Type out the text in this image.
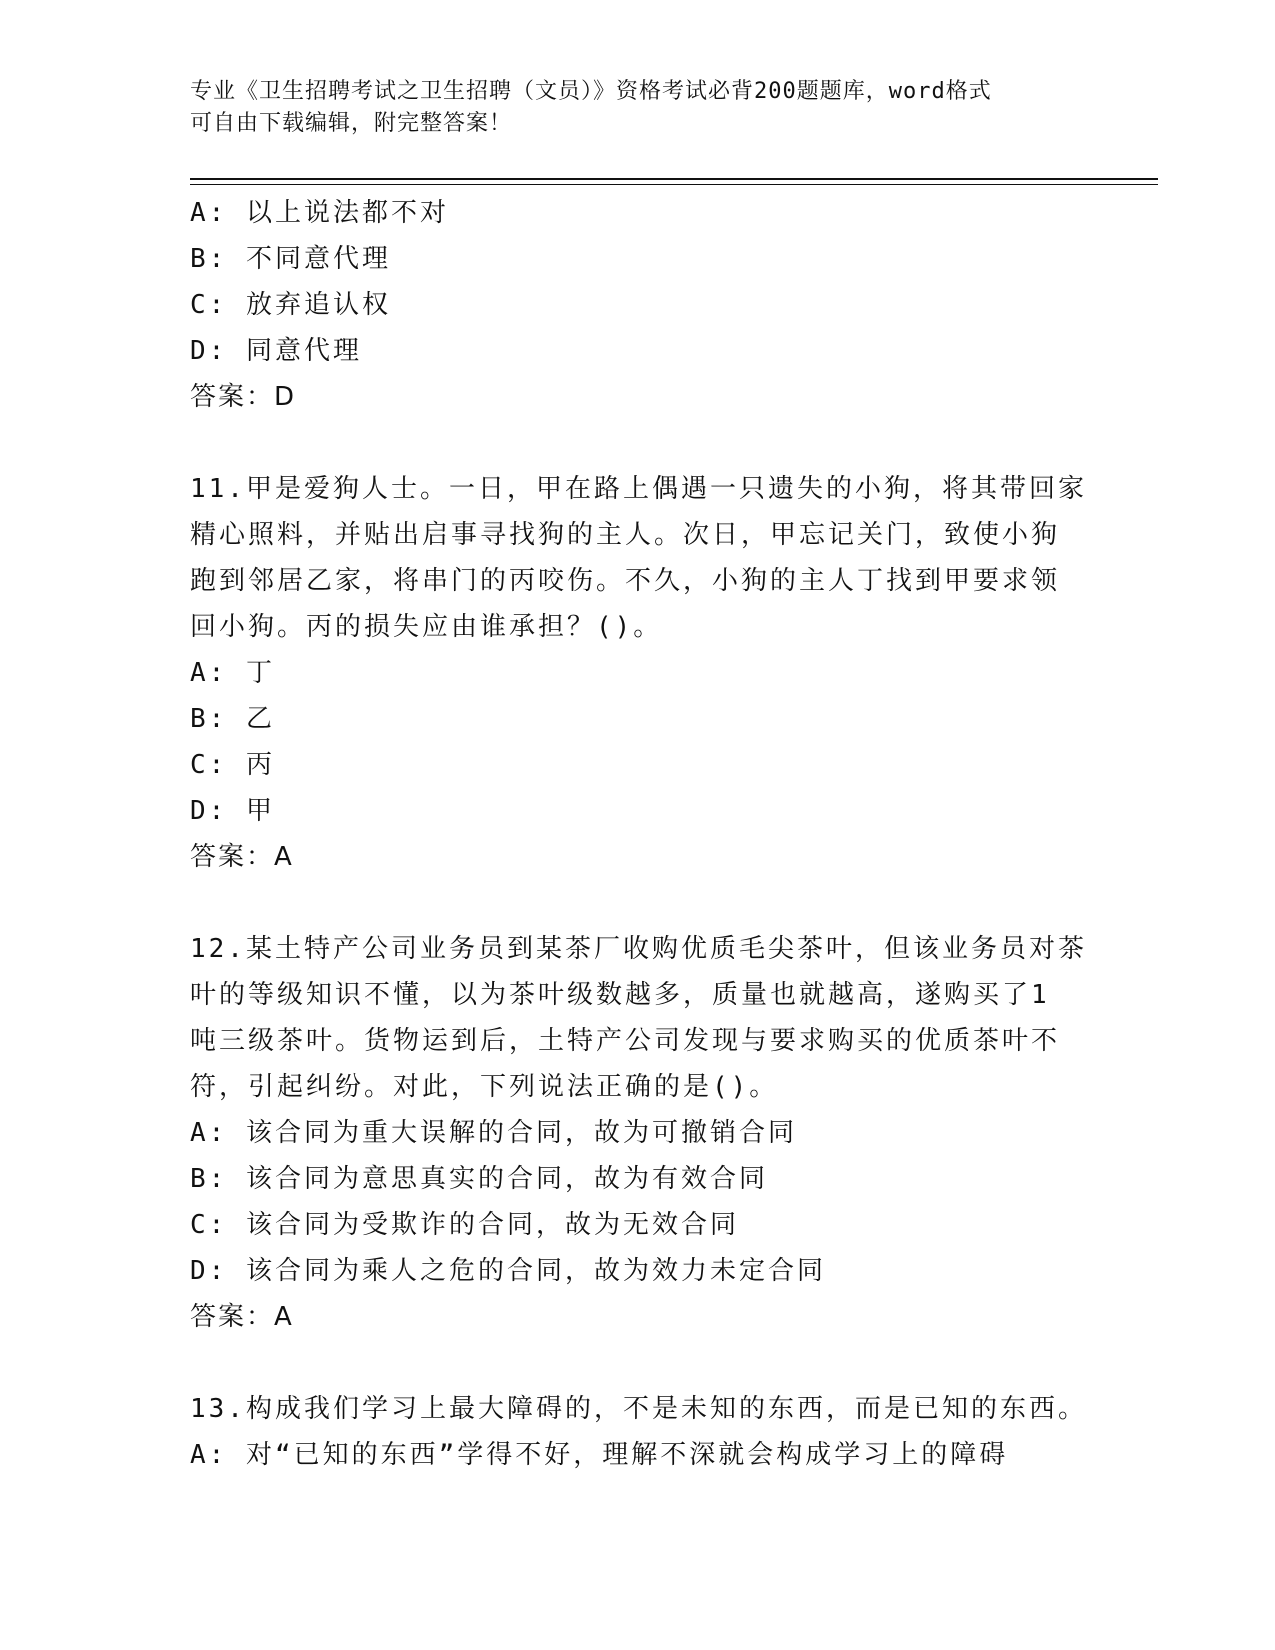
专业《卫生招聘考试之卫生招聘（文员）》资格考试必背200题题库，word格式
可自由下载编辑，附完整答案！
A: 以上说法都不对
B: 不同意代理
C: 放弃追认权
D: 同意代理
答案：D
11.甲是爱狗人士。一日，甲在路上偶遇一只遗失的小狗，将其带回家
精心照料，并贴出启事寻找狗的主人。次日，甲忘记关门，致使小狗
跑到邻居乙家，将串门的丙咬伤。不久，小狗的主人丁找到甲要求领
回小狗。丙的损失应由谁承担？()。
A: 丁
B: 乙
C: 丙
D: 甲
答案：A
12.某土特产公司业务员到某茶厂收购优质毛尖茶叶，但该业务员对茶
叶的等级知识不懂，以为茶叶级数越多，质量也就越高，遂购买了1
吨三级茶叶。货物运到后，土特产公司发现与要求购买的优质茶叶不
符，引起纠纷。对此，下列说法正确的是()。
A: 该合同为重大误解的合同，故为可撤销合同
B: 该合同为意思真实的合同，故为有效合同
C: 该合同为受欺诈的合同，故为无效合同
D: 该合同为乘人之危的合同，故为效力未定合同
答案：A
13.构成我们学习上最大障碍的，不是未知的东西，而是已知的东西。
A: 对“已知的东西”学得不好，理解不深就会构成学习上的障碍
